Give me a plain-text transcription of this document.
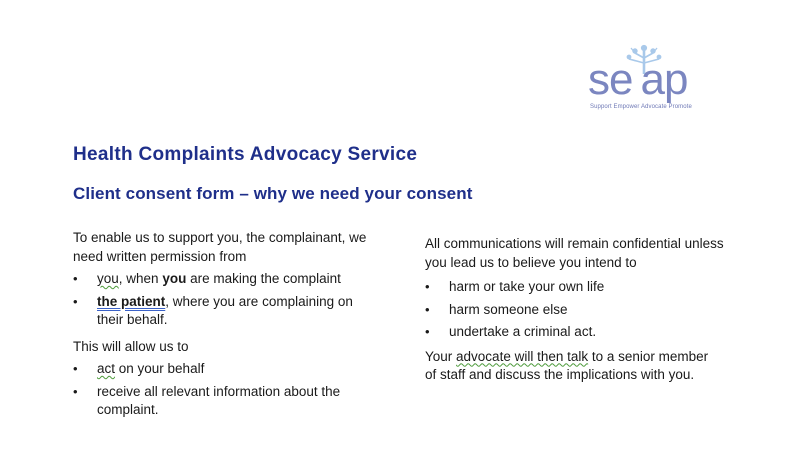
se ap
Support Empower Advocate Promote
Health Complaints Advocacy Service
Client consent form – why we need your consent

To enable us to support you, the complainant, we need written permission from

• you, when you are making the complaint
• the patient, where you are complaining on their behalf.

This will allow us to

• act on your behalf
• receive all relevant information about the complaint.

All communications will remain confidential unless you lead us to believe you intend to

• harm or take your own life
• harm someone else
• undertake a criminal act.

Your advocate will then talk to a senior member of staff and discuss the implications with you.
